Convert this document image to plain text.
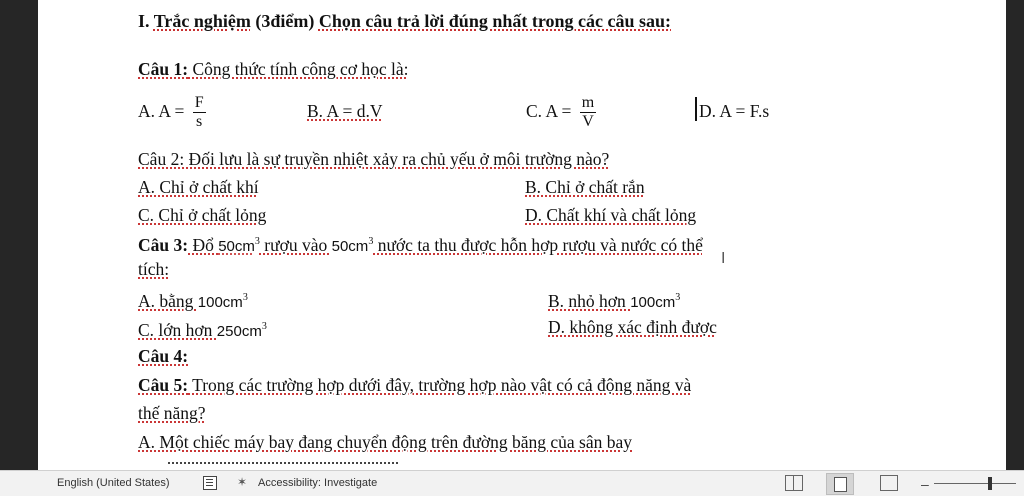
I. Trắc nghiệm (3điểm) Chọn câu trả lời đúng nhất trong các câu sau:
Câu 1: Công thức tính công cơ học là:
A. $A = \frac{F}{s}$	B. A = d.V	C. $A = \frac{m}{V}$	D. A = F.s
Câu 2: Đối lưu là sự truyền nhiệt xảy ra chủ yếu ở môi trường nào?
A. Chỉ ở chất khí	B. Chỉ ở chất rắn
C. Chỉ ở chất lỏng	D. Chất khí và chất lỏng
Câu 3: Đổ $50cm^3$ rượu vào $50cm^3$ nước ta thu được hỗn hợp rượu và nước có thể
tích:
I
A. bằng $100cm^3$	B. nhỏ hơn $100cm^3$
C. lớn hơn $250cm^3$	D. không xác định được
Câu 4:
Câu 5: Trong các trường hợp dưới đây, trường hợp nào vật có cả động năng và
thế năng?
A. Một chiếc máy bay đang chuyển động trên đường băng của sân bay
English (United States)	✶ Accessibility: Investigate	–
